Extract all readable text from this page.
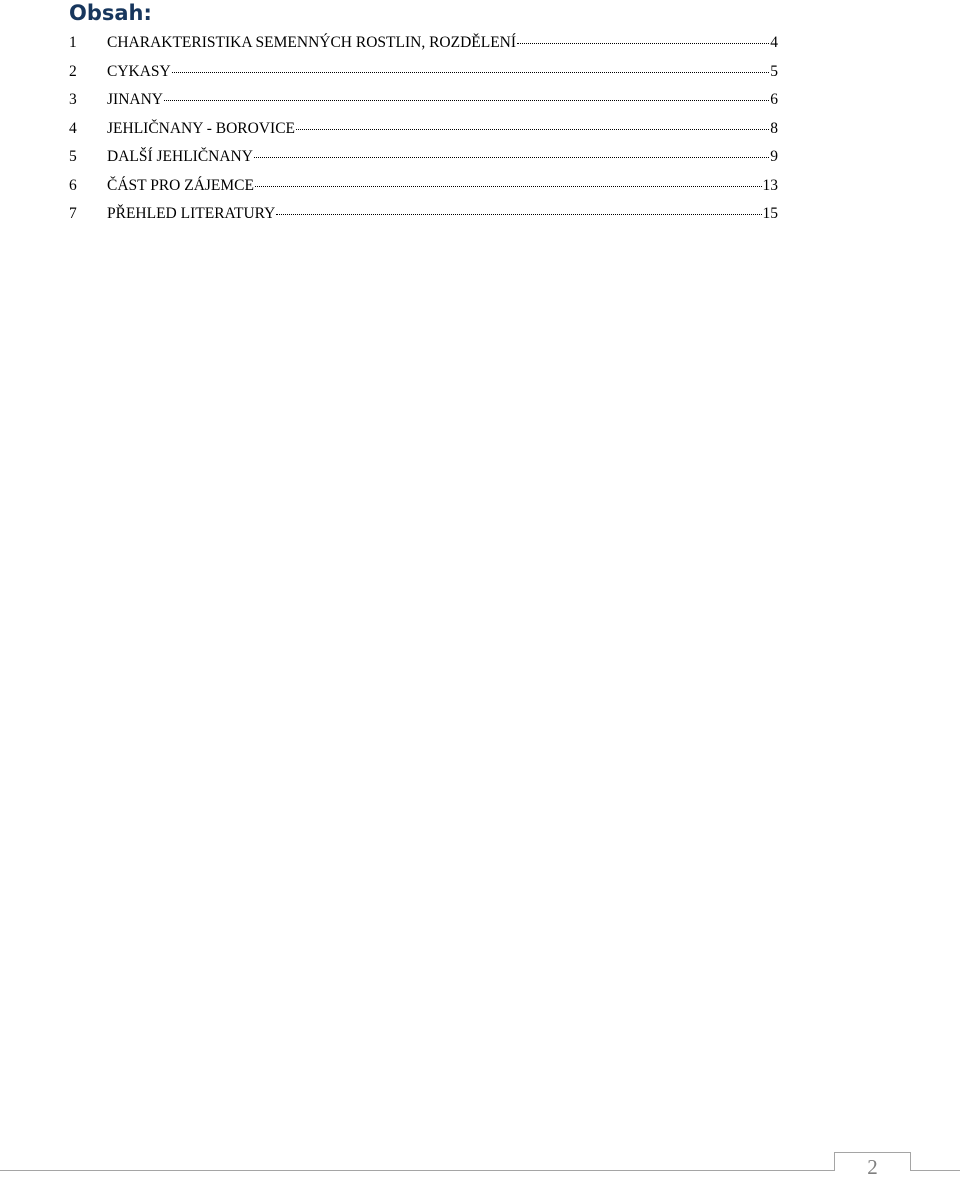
Obsah:
1	CHARAKTERISTIKA SEMENNÝCH ROSTLIN, ROZDĚLENÍ	4
2	CYKASY	5
3	JINANY	6
4	JEHLIČNANY - BOROVICE	8
5	DALŠÍ JEHLIČNANY	9
6	ČÁST PRO ZÁJEMCE	13
7	PŘEHLED LITERATURY	15
2
